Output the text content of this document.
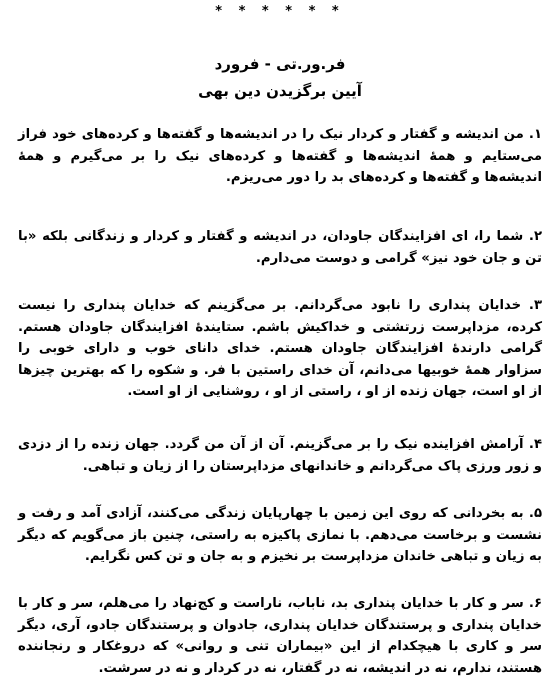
* * * * * *
فر.ور.تی - فرورد
آیین برگزیدن دین بهی
۱. من اندیشه و گفتار و کردار نیک را در اندیشه‌ها و گفته‌ها و کرده‌های خود فراز می‌ستایم و همهٔ اندیشه‌ها و گفته‌ها و کرده‌های نیک را بر می‌گیرم و همهٔ اندیشه‌ها و گفته‌ها و کرده‌های بد را دور می‌ریزم.
۲. شما را، ای افزایندگان جاودان، در اندیشه و گفتار و کردار و زندگانی بلکه «با تن و جان خود نیز» گرامی و دوست می‌دارم.
۳. خدایان پنداری را نابود می‌گردانم. بر می‌گزینم که خدایان پنداری را نیست کرده، مزداپرست زرتشتی و خداکیش باشم. ستایندهٔ افزایندگان جاودان هستم. گرامی دارندهٔ افزایندگان جاودان هستم. خدای دانای خوب و دارای خوبی را سزاوار همهٔ خوبیها می‌دانم، آن خدای راستین با فر. و شکوه را که بهترین چیزها از او است، جهان زنده از او ، راستی از او ، روشنایی از او است.
۴. آرامش افزاینده نیک را بر می‌گزینم. آن از آن من گردد. جهان زنده را از دزدی و زور ورزی پاک می‌گردانم و خاندانهای مزداپرستان را از زیان و تباهی.
۵. به بخردانی که روی این زمین با چهارپایان زندگی می‌کنند، آزادی آمد و رفت و نشست و برخاست می‌دهم. با نمازی پاکیزه به راستی، چنین باز می‌گویم که دیگر به زیان و تباهی خاندان مزداپرست بر نخیزم و به جان و تن کس نگرایم.
۶. سر و کار با خدایان پنداری بد، ناباب، ناراست و کج‌نهاد را می‌هلم، سر و کار با خدایان پنداری و پرستندگان خدایان پنداری، جادوان و پرستندگان جادو، آری، دیگر سر و کاری با هیچکدام از این «بیماران تنی و روانی» که دروغکار و رنجاننده هستند، ندارم، نه در اندیشه، نه در گفتار، نه در کردار و نه در سرشت.
